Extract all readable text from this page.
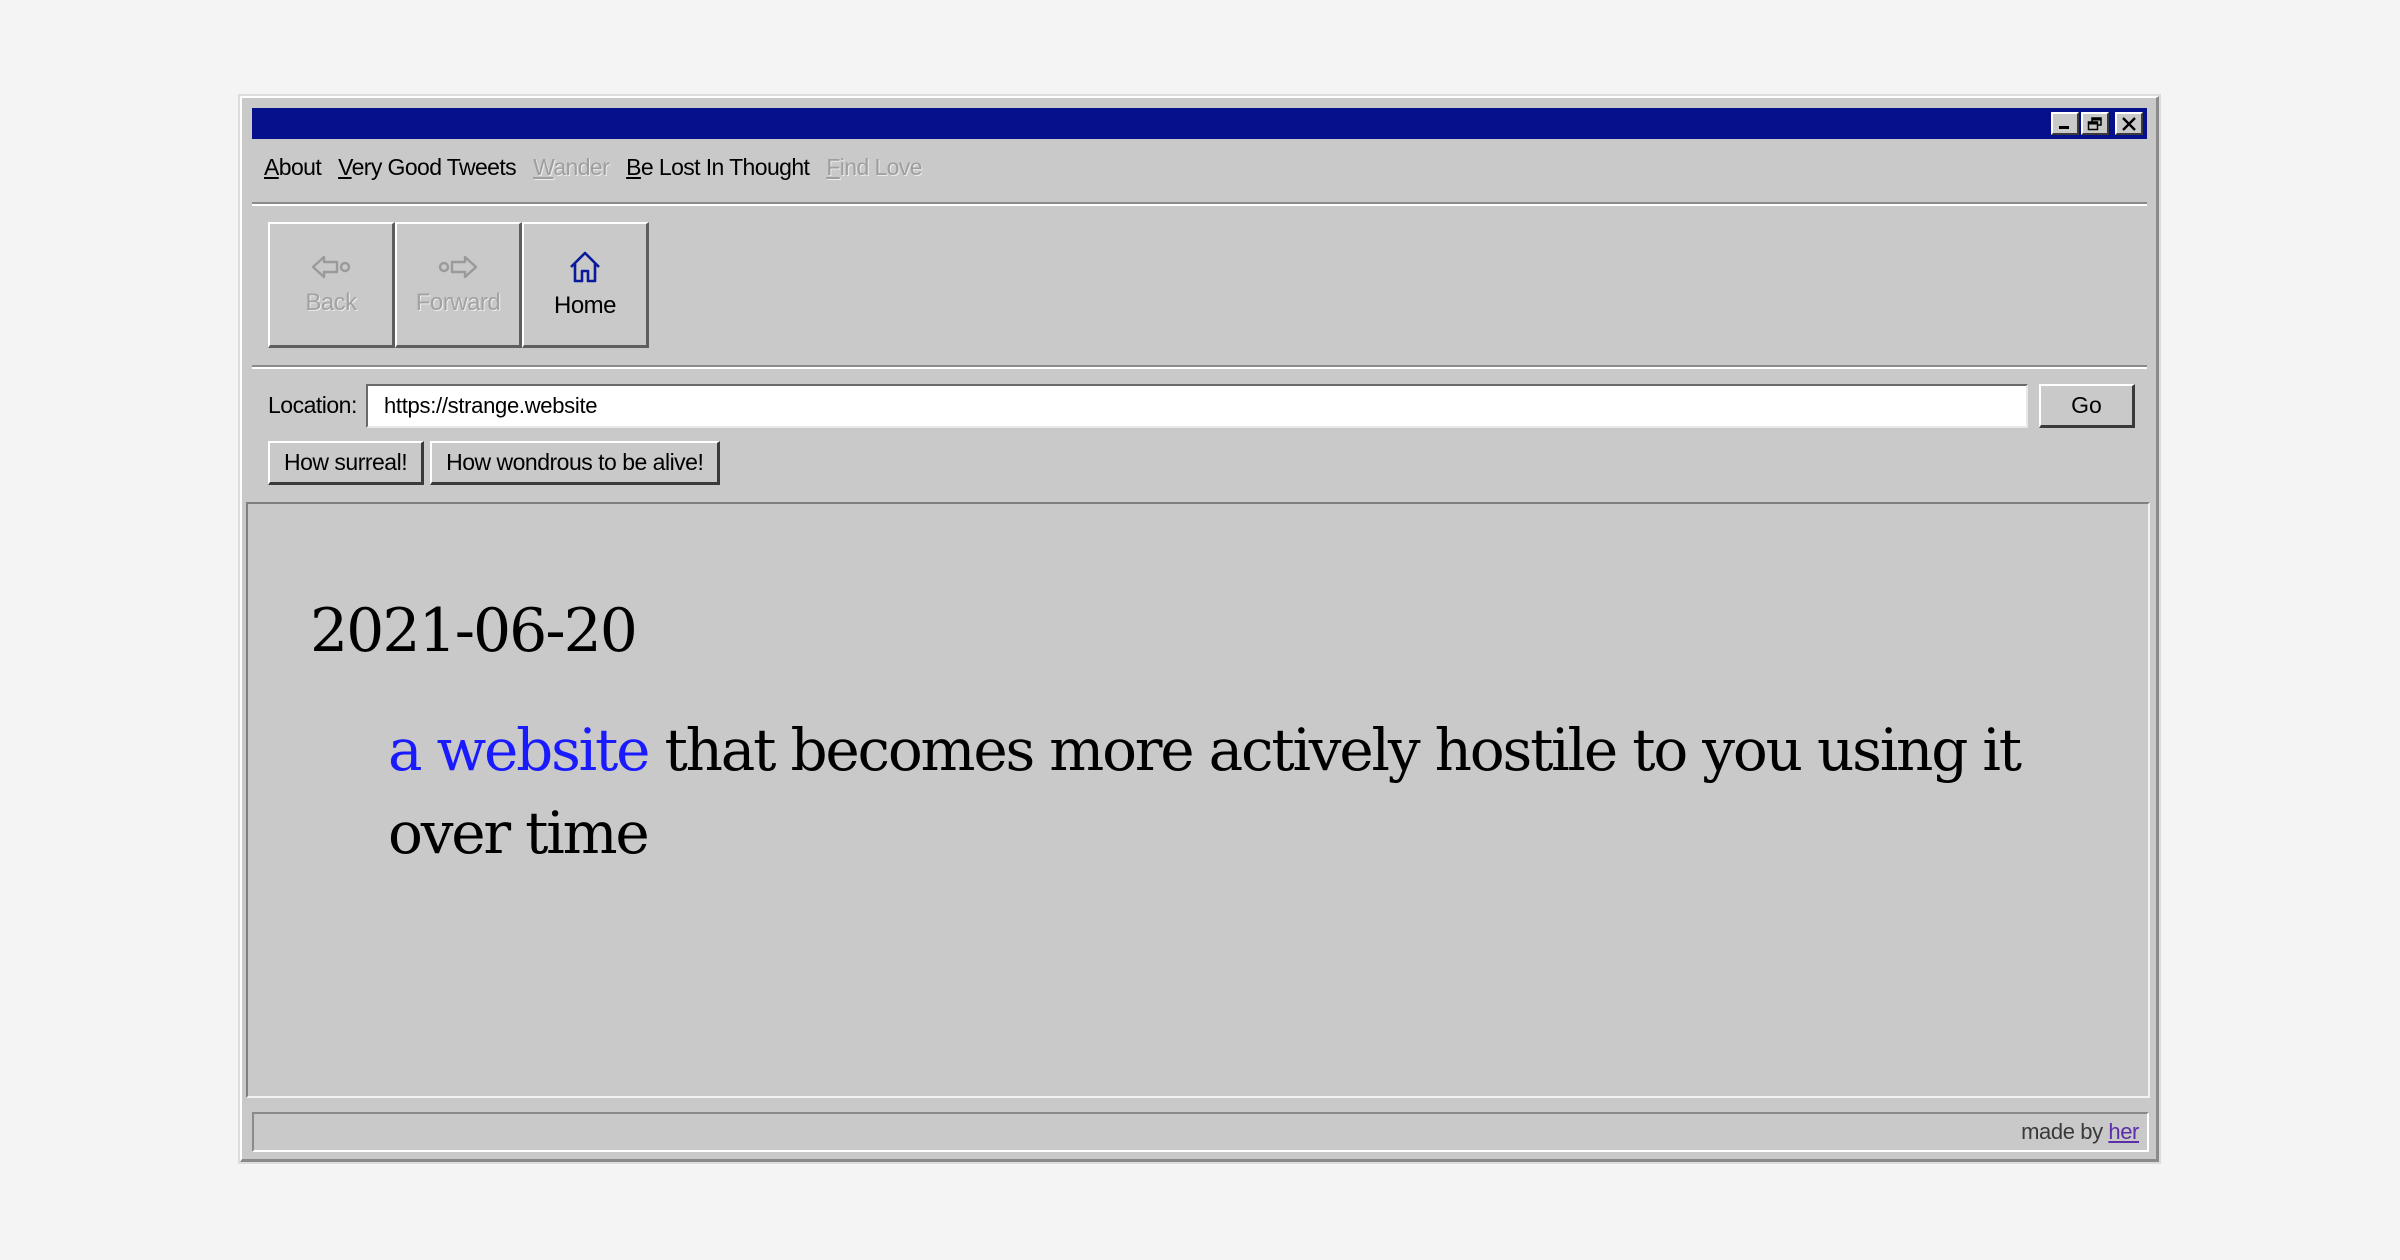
About Very Good Tweets Wander Be Lost In Thought Find Love
Back Forward Home
Location:
https://strange.website	Go
How surreal!	How wondrous to be alive!
2021-06-20
a website that becomes more actively hostile to you using it over time
made by her
